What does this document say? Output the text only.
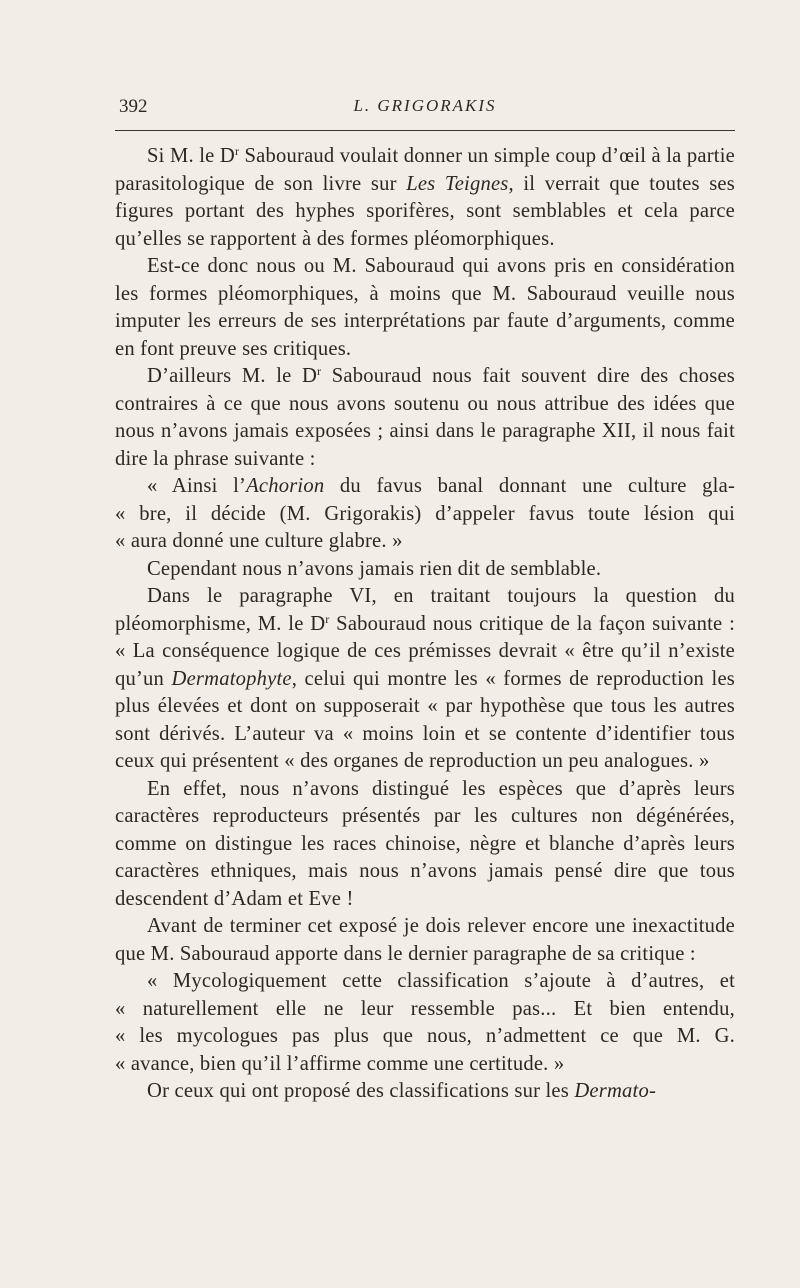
392	L. GRIGORAKIS

Si M. le $D^r$ Sabouraud voulait donner un simple coup d’œil à la partie parasitologique de son livre sur Les Teignes, il verrait que toutes ses figures portant des hyphes sporifères, sont semblables et cela parce qu’elles se rapportent à des formes pléomorphiques.

Est-ce donc nous ou M. Sabouraud qui avons pris en considération les formes pléomorphiques, à moins que M. Sabouraud veuille nous imputer les erreurs de ses interprétations par faute d’arguments, comme en font preuve ses critiques.

D’ailleurs M. le $D^r$ Sabouraud nous fait souvent dire des choses contraires à ce que nous avons soutenu ou nous attribue des idées que nous n’avons jamais exposées ; ainsi dans le paragraphe XII, il nous fait dire la phrase suivante :

« Ainsi l’Achorion du favus banal donnant une culture gla-
« bre, il décide (M. Grigorakis) d’appeler favus toute lésion qui
« aura donné une culture glabre. »

Cependant nous n’avons jamais rien dit de semblable.

Dans le paragraphe VI, en traitant toujours la question du pléomorphisme, M. le $D^r$ Sabouraud nous critique de la façon suivante : « La conséquence logique de ces prémisses devrait « être qu’il n’existe qu’un Dermatophyte, celui qui montre les « formes de reproduction les plus élevées et dont on supposerait « par hypothèse que tous les autres sont dérivés. L’auteur va « moins loin et se contente d’identifier tous ceux qui présentent « des organes de reproduction un peu analogues. »

En effet, nous n’avons distingué les espèces que d’après leurs caractères reproducteurs présentés par les cultures non dégénérées, comme on distingue les races chinoise, nègre et blanche d’après leurs caractères ethniques, mais nous n’avons jamais pensé dire que tous descendent d’Adam et Eve !

Avant de terminer cet exposé je dois relever encore une inexactitude que M. Sabouraud apporte dans le dernier paragraphe de sa critique :

« Mycologiquement cette classification s’ajoute à d’autres, et
« naturellement elle ne leur ressemble pas... Et bien entendu,
« les mycologues pas plus que nous, n’admettent ce que M. G.
« avance, bien qu’il l’affirme comme une certitude. »

Or ceux qui ont proposé des classifications sur les Dermato-
